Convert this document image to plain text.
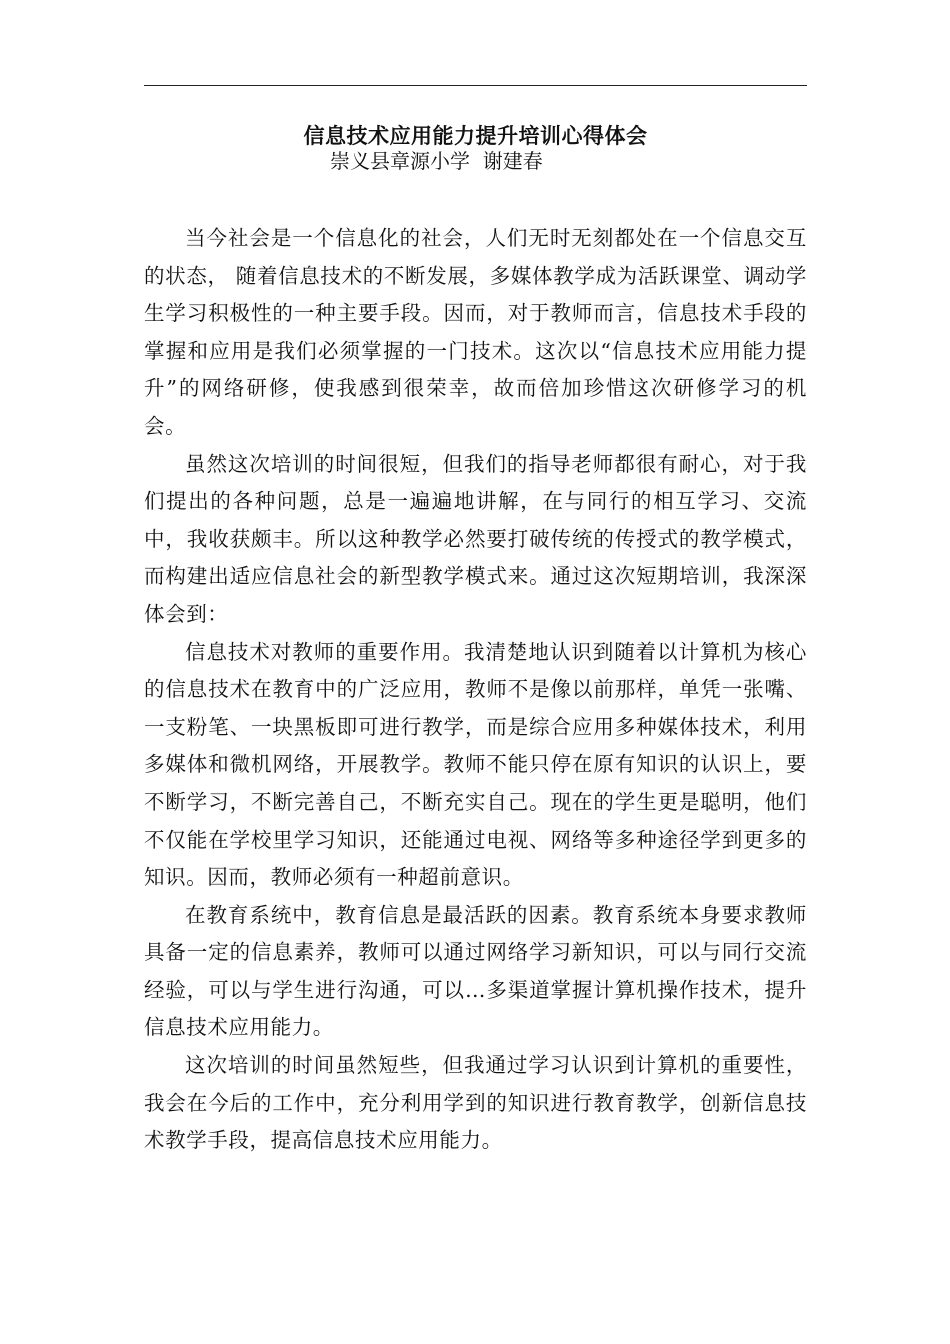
信息技术应用能力提升培训心得体会
崇义县章源小学  谢建春

当今社会是一个信息化的社会，人们无时无刻都处在一个信息交互的状态， 随着信息技术的不断发展，多媒体教学成为活跃课堂、调动学生学习积极性的一种主要手段。因而，对于教师而言，信息技术手段的掌握和应用是我们必须掌握的一门技术。这次以“信息技术应用能力提升”的网络研修，使我感到很荣幸，故而倍加珍惜这次研修学习的机会。

虽然这次培训的时间很短，但我们的指导老师都很有耐心，对于我们提出的各种问题，总是一遍遍地讲解，在与同行的相互学习、交流中，我收获颇丰。所以这种教学必然要打破传统的传授式的教学模式，而构建出适应信息社会的新型教学模式来。通过这次短期培训，我深深体会到：

信息技术对教师的重要作用。我清楚地认识到随着以计算机为核心的信息技术在教育中的广泛应用，教师不是像以前那样，单凭一张嘴、一支粉笔、一块黑板即可进行教学，而是综合应用多种媒体技术，利用多媒体和微机网络，开展教学。教师不能只停在原有知识的认识上，要不断学习，不断完善自己，不断充实自己。现在的学生更是聪明，他们不仅能在学校里学习知识，还能通过电视、网络等多种途径学到更多的知识。因而，教师必须有一种超前意识。

在教育系统中，教育信息是最活跃的因素。教育系统本身要求教师具备一定的信息素养，教师可以通过网络学习新知识，可以与同行交流经验，可以与学生进行沟通，可以…多渠道掌握计算机操作技术，提升信息技术应用能力。

这次培训的时间虽然短些，但我通过学习认识到计算机的重要性，我会在今后的工作中，充分利用学到的知识进行教育教学，创新信息技术教学手段，提高信息技术应用能力。
